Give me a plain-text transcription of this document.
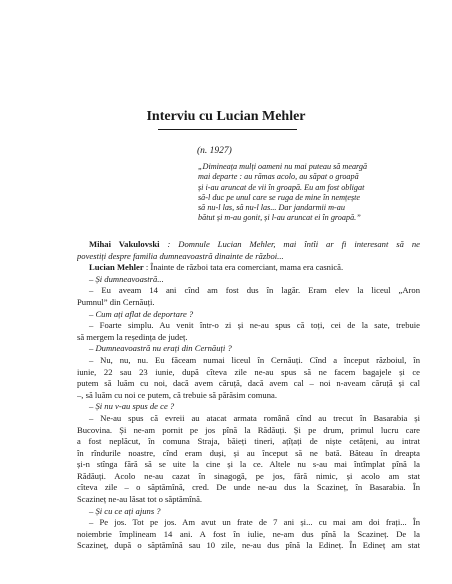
Interviu cu Lucian Mehler
(n. 1927)
„Dimineața mulți oameni nu mai puteau să meargă
mai departe : au rămas acolo, au săpat o groapă
și i-au aruncat de vii în groapă. Eu am fost obligat
să-l duc pe unul care se ruga de mine în nemțește
să nu-l las, să nu-l las... Dar jandarmii m-au
bătut și m-au gonit, și l-au aruncat ei în groapă.”
Mihai Vakulovski : Domnule Lucian Mehler, mai întîi ar fi interesant să ne
povestiți despre familia dumneavoastră dinainte de război...
Lucian Mehler : Înainte de război tata era comerciant, mama era casnică.
– Și dumneavoastră...
– Eu aveam 14 ani cînd am fost dus în lagăr. Eram elev la liceul „Aron
Pumnul” din Cernăuți.
– Cum ați aflat de deportare ?
– Foarte simplu. Au venit într-o zi și ne-au spus că toți, cei de la sate, trebuie
să mergem la reședința de județ.
– Dumneavoastră nu erați din Cernăuți ?
– Nu, nu, nu. Eu făceam numai liceul în Cernăuți. Cînd a început războiul, în
iunie, 22 sau 23 iunie, după cîteva zile ne-au spus să ne facem bagajele și ce
putem să luăm cu noi, dacă avem căruță, dacă avem cal – noi n-aveam căruță și cal
–, să luăm cu noi ce putem, că trebuie să părăsim comuna.
– Și nu v-au spus de ce ?
– Ne-au spus că evreii au atacat armata română cînd au trecut în Basarabia și
Bucovina. Și ne-am pornit pe jos pînă la Rădăuți. Și pe drum, primul lucru care
a fost neplăcut, în comuna Straja, băieți tineri, ațîțați de niște cetățeni, au intrat
în rîndurile noastre, cînd eram duși, și au început să ne bată. Băteau în dreapta
și-n stînga fără să se uite la cine și la ce. Altele nu s-au mai întîmplat pînă la
Rădăuți. Acolo ne-au cazat în sinagogă, pe jos, fără nimic, și acolo am stat
cîteva zile – o săptămînă, cred. De unde ne-au dus la Scazineț, în Basarabia. În
Scazineț ne-au lăsat tot o săptămînă.
– Și cu ce ați ajuns ?
– Pe jos. Tot pe jos. Am avut un frate de 7 ani și... cu mai am doi frați... În
noiembrie împlineam 14 ani. A fost în iulie, ne-am dus pînă la Scazineț. De la
Scazineț, după o săptămînă sau 10 zile, ne-au dus pînă la Edineț. În Edineț am stat
